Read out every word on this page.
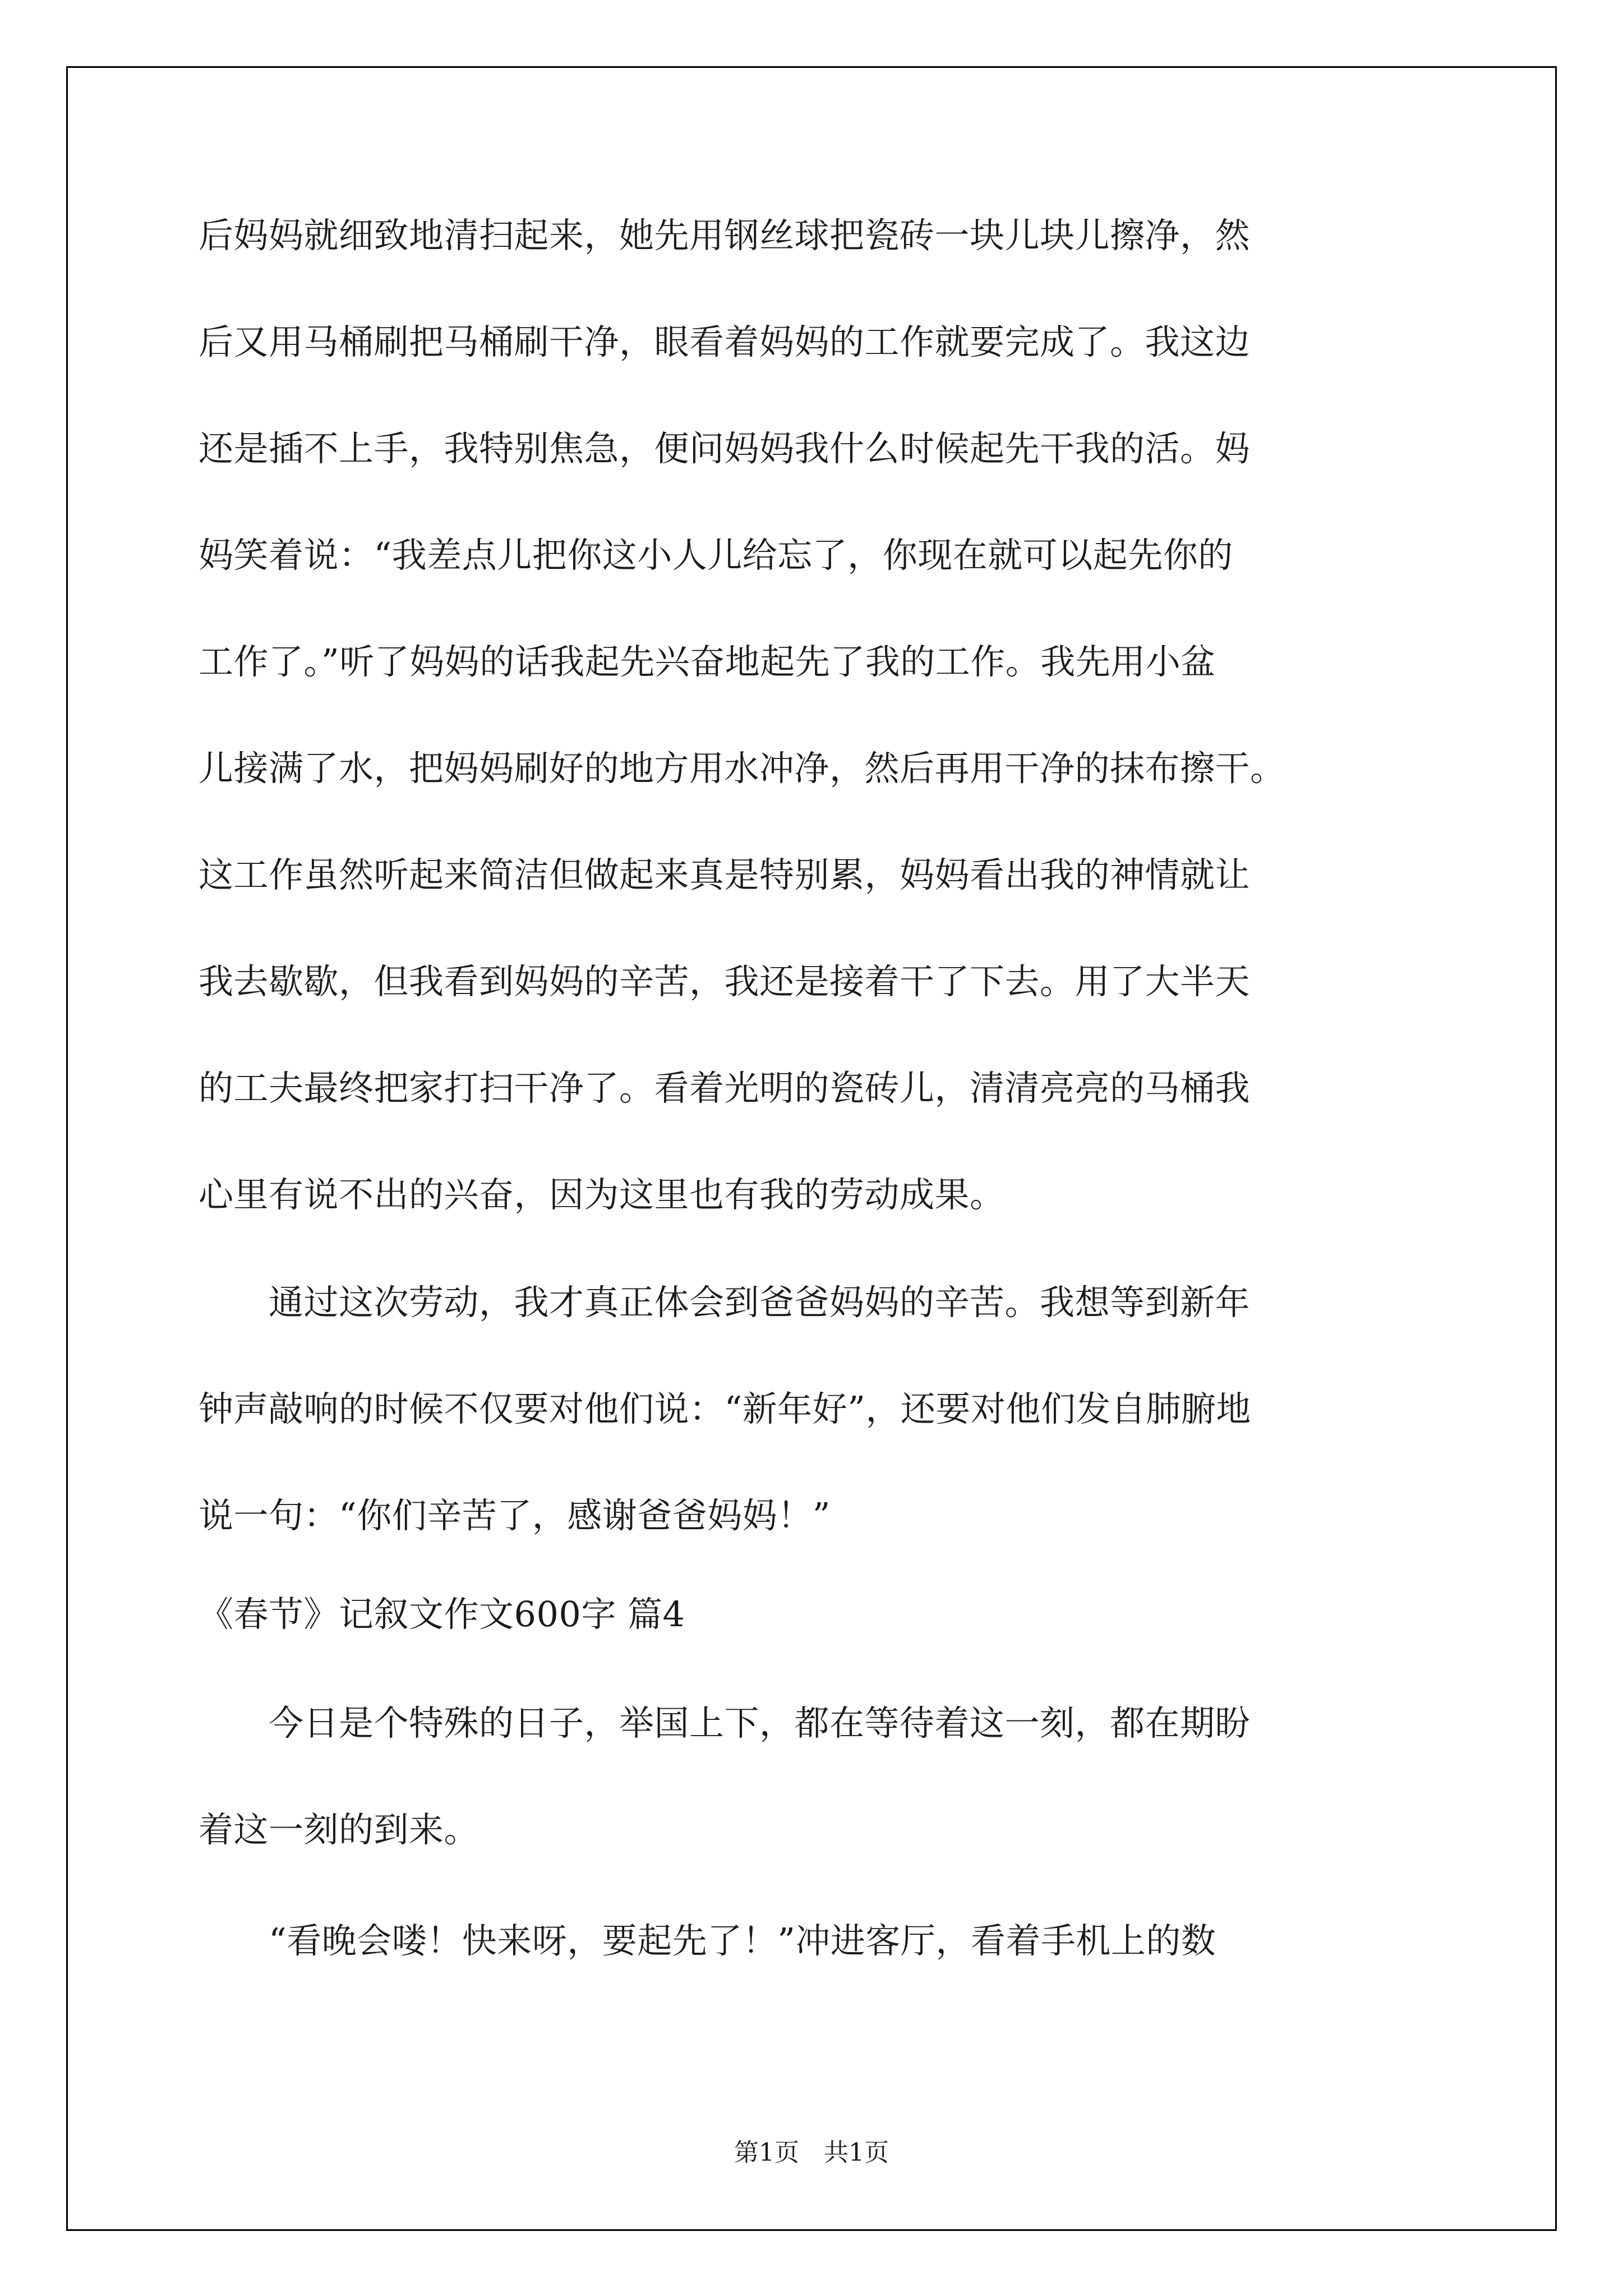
后妈妈就细致地清扫起来，她先用钢丝球把瓷砖一块儿块儿擦净，然
后又用马桶刷把马桶刷干净，眼看着妈妈的工作就要完成了。我这边
还是插不上手，我特别焦急，便问妈妈我什么时候起先干我的活。妈
妈笑着说：“我差点儿把你这小人儿给忘了，你现在就可以起先你的
工作了。”听了妈妈的话我起先兴奋地起先了我的工作。我先用小盆
儿接满了水，把妈妈刷好的地方用水冲净，然后再用干净的抹布擦干。
这工作虽然听起来简洁但做起来真是特别累，妈妈看出我的神情就让
我去歇歇，但我看到妈妈的辛苦，我还是接着干了下去。用了大半天
的工夫最终把家打扫干净了。看着光明的瓷砖儿，清清亮亮的马桶我
心里有说不出的兴奋，因为这里也有我的劳动成果。
　　通过这次劳动，我才真正体会到爸爸妈妈的辛苦。我想等到新年
钟声敲响的时候不仅要对他们说：“新年好”，还要对他们发自肺腑地
说一句：“你们辛苦了，感谢爸爸妈妈！”
《春节》记叙文作文600字 篇4
　　今日是个特殊的日子，举国上下，都在等待着这一刻，都在期盼
着这一刻的到来。
　　“看晚会喽！快来呀，要起先了！”冲进客厅，看着手机上的数
第1页　共1页
